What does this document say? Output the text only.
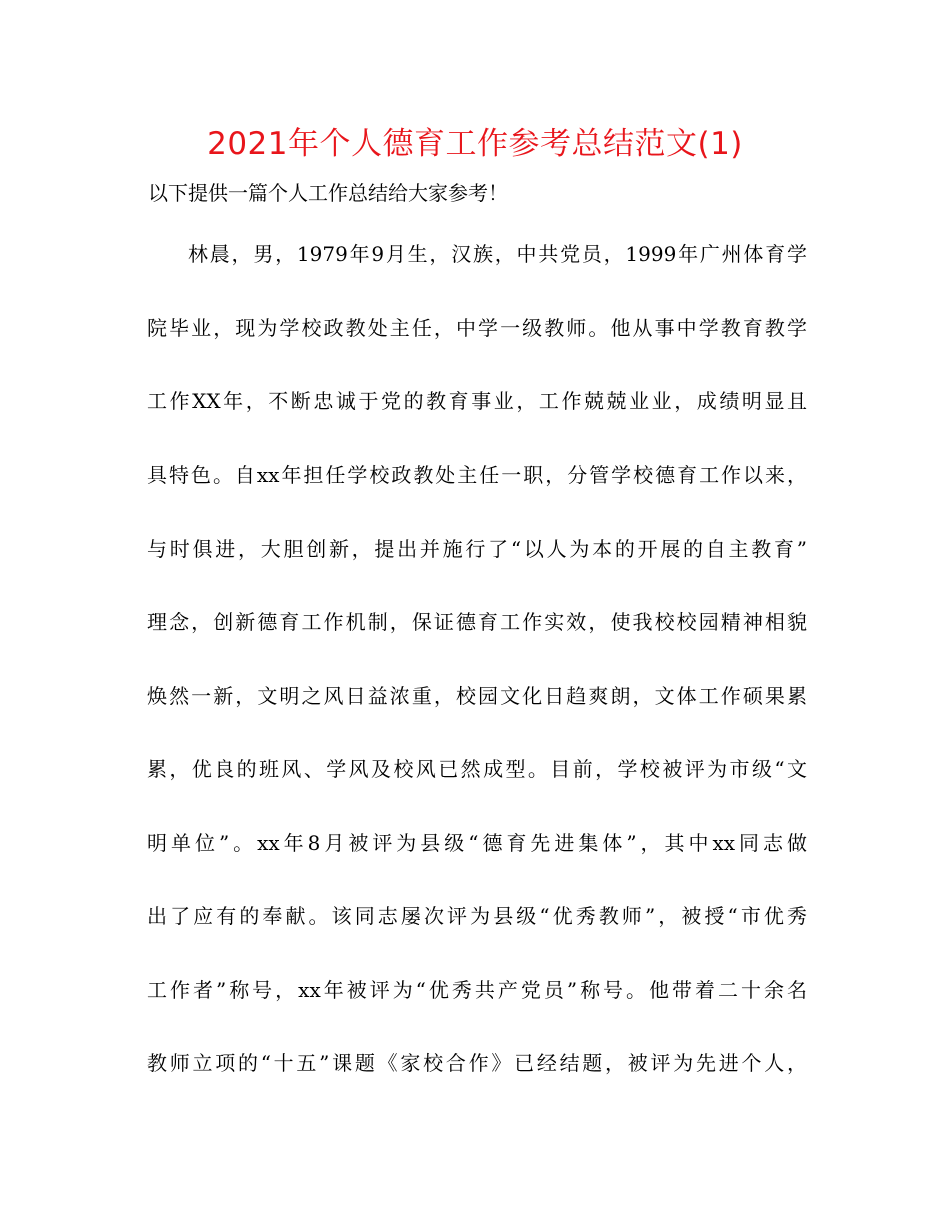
2021年个人德育工作参考总结范文(1)
以下提供一篇个人工作总结给大家参考！
林晨，男，1979年9月生，汉族，中共党员，1999年广州体育学
院毕业，现为学校政教处主任，中学一级教师。他从事中学教育教学
工作XX年，不断忠诚于党的教育事业，工作兢兢业业，成绩明显且
具特色。自xx年担任学校政教处主任一职，分管学校德育工作以来，
与时俱进，大胆创新，提出并施行了“以人为本的开展的自主教育”
理念，创新德育工作机制，保证德育工作实效，使我校校园精神相貌
焕然一新，文明之风日益浓重，校园文化日趋爽朗，文体工作硕果累
累，优良的班风、学风及校风已然成型。目前，学校被评为市级“文
明单位”。xx年8月被评为县级“德育先进集体”，其中xx同志做
出了应有的奉献。该同志屡次评为县级“优秀教师”，被授“市优秀
工作者”称号，xx年被评为“优秀共产党员”称号。他带着二十余名
教师立项的“十五”课题《家校合作》已经结题，被评为先进个人，
